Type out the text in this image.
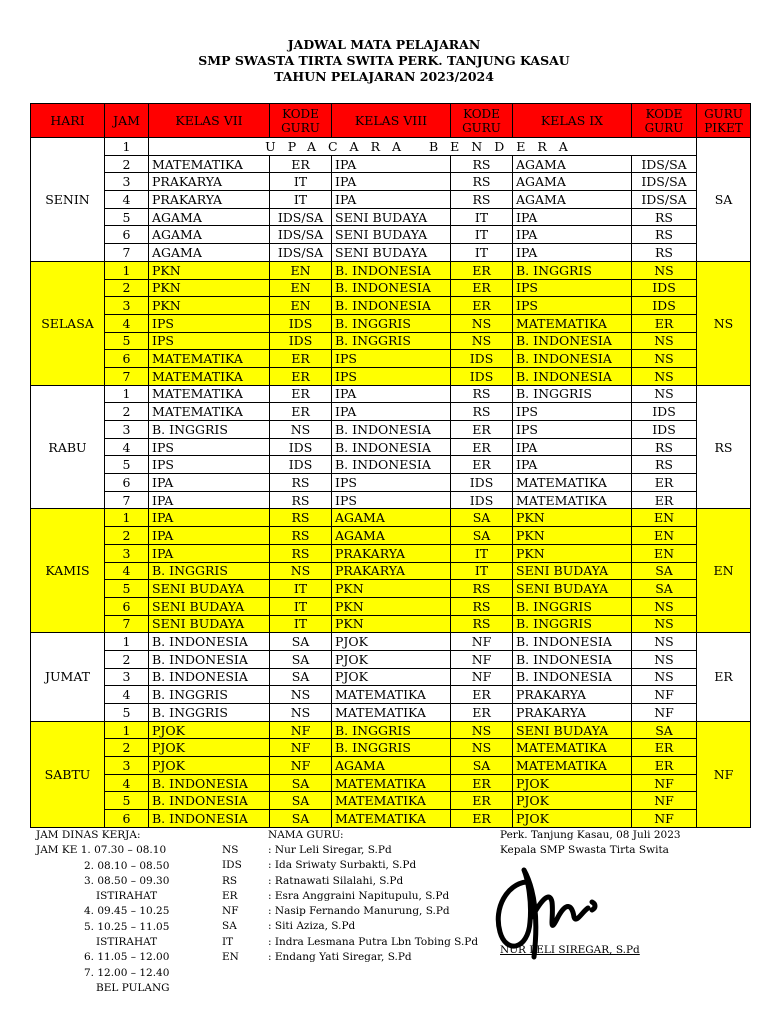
JADWAL MATA PELAJARAN
SMP SWASTA TIRTA SWITA PERK. TANJUNG KASAU
TAHUN PELAJARAN 2023/2024
HARI	JAM	KELAS VII	KODE GURU	KELAS VIII	KODE GURU	KELAS IX	KODE GURU	GURU PIKET
SENIN	1	UPACARA BENDERA						SA
	2	MATEMATIKA	ER	IPA	RS	AGAMA	IDS/SA	
	3	PRAKARYA	IT	IPA	RS	AGAMA	IDS/SA	
	4	PRAKARYA	IT	IPA	RS	AGAMA	IDS/SA	
	5	AGAMA	IDS/SA	SENI BUDAYA	IT	IPA	RS	
	6	AGAMA	IDS/SA	SENI BUDAYA	IT	IPA	RS	
	7	AGAMA	IDS/SA	SENI BUDAYA	IT	IPA	RS	
SELASA	1	PKN	EN	B. INDONESIA	ER	B. INGGRIS	NS	NS
	2	PKN	EN	B. INDONESIA	ER	IPS	IDS	
	3	PKN	EN	B. INDONESIA	ER	IPS	IDS	
	4	IPS	IDS	B. INGGRIS	NS	MATEMATIKA	ER	
	5	IPS	IDS	B. INGGRIS	NS	B. INDONESIA	NS	
	6	MATEMATIKA	ER	IPS	IDS	B. INDONESIA	NS	
	7	MATEMATIKA	ER	IPS	IDS	B. INDONESIA	NS	
RABU	1	MATEMATIKA	ER	IPA	RS	B. INGGRIS	NS	RS
	2	MATEMATIKA	ER	IPA	RS	IPS	IDS	
	3	B. INGGRIS	NS	B. INDONESIA	ER	IPS	IDS	
	4	IPS	IDS	B. INDONESIA	ER	IPA	RS	
	5	IPS	IDS	B. INDONESIA	ER	IPA	RS	
	6	IPA	RS	IPS	IDS	MATEMATIKA	ER	
	7	IPA	RS	IPS	IDS	MATEMATIKA	ER	
KAMIS	1	IPA	RS	AGAMA	SA	PKN	EN	EN
	2	IPA	RS	AGAMA	SA	PKN	EN	
	3	IPA	RS	PRAKARYA	IT	PKN	EN	
	4	B. INGGRIS	NS	PRAKARYA	IT	SENI BUDAYA	SA	
	5	SENI BUDAYA	IT	PKN	RS	SENI BUDAYA	SA	
	6	SENI BUDAYA	IT	PKN	RS	B. INGGRIS	NS	
	7	SENI BUDAYA	IT	PKN	RS	B. INGGRIS	NS	
JUMAT	1	B. INDONESIA	SA	PJOK	NF	B. INDONESIA	NS	ER
	2	B. INDONESIA	SA	PJOK	NF	B. INDONESIA	NS	
	3	B. INDONESIA	SA	PJOK	NF	B. INDONESIA	NS	
	4	B. INGGRIS	NS	MATEMATIKA	ER	PRAKARYA	NF	
	5	B. INGGRIS	NS	MATEMATIKA	ER	PRAKARYA	NF	
SABTU	1	PJOK	NF	B. INGGRIS	NS	SENI BUDAYA	SA	NF
	2	PJOK	NF	B. INGGRIS	NS	MATEMATIKA	ER	
	3	PJOK	NF	AGAMA	SA	MATEMATIKA	ER	
	4	B. INDONESIA	SA	MATEMATIKA	ER	PJOK	NF	
	5	B. INDONESIA	SA	MATEMATIKA	ER	PJOK	NF	
	6	B. INDONESIA	SA	MATEMATIKA	ER	PJOK	NF	
JAM DINAS KERJA:
JAM KE 1. 07.30 – 08.10
2. 08.10 – 08.50
3. 08.50 – 09.30
ISTIRAHAT
4. 09.45 – 10.25
5. 10.25 – 11.05
ISTIRAHAT
6. 11.05 – 12.00
7. 12.00 – 12.40
BEL PULANG
NAMA GURU:
NS	: Nur Leli Siregar, S.Pd
IDS : Ida Sriwaty Surbakti, S.Pd
RS	: Ratnawati Silalahi, S.Pd
ER	: Esra Anggraini Napitupulu, S.Pd
NF	: Nasip Fernando Manurung, S.Pd
SA	: Siti Aziza, S.Pd
IT	: Indra Lesmana Putra Lbn Tobing S.Pd
EN	: Endang Yati Siregar, S.Pd
Perk. Tanjung Kasau, 08 Juli 2023
Kepala SMP Swasta Tirta Swita
NUR LELI SIREGAR, S.Pd
